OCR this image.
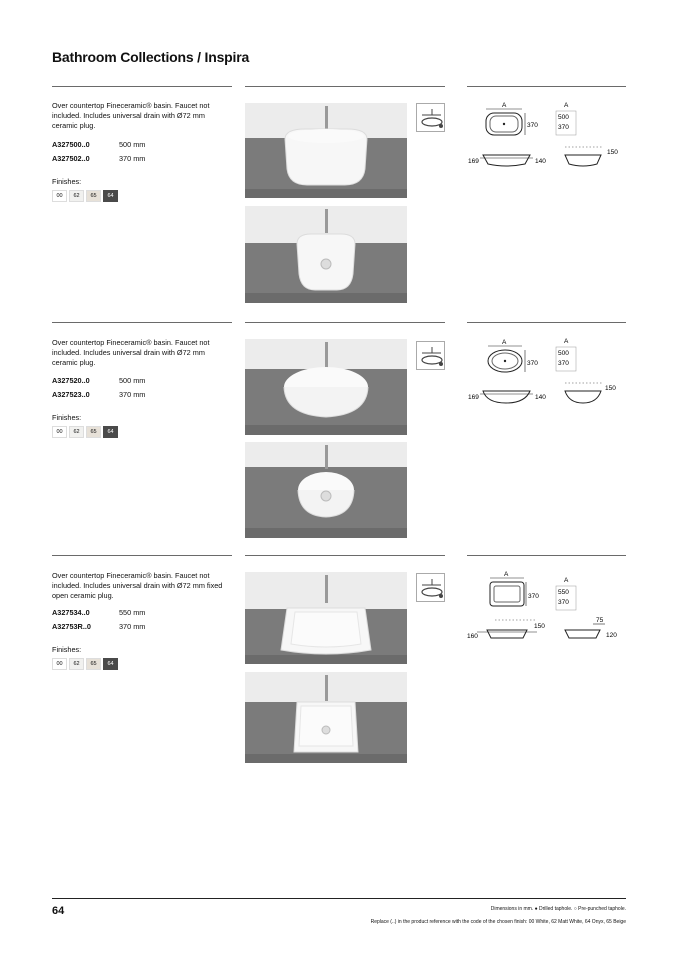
Bathroom Collections / Inspira
Over countertop Fineceramic® basin. Faucet not included. Includes universal drain with Ø72 mm ceramic plug.
A327500..0	500 mm
A327502..0	370 mm
Finishes:
00	62	65	64
A
370
A
500
370
169	140
150
Over countertop Fineceramic® basin. Faucet not included. Includes universal drain with Ø72 mm ceramic plug.
A327520..0	500 mm
A327523..0	370 mm
Finishes:
00	62	65	64
A
370
A
500
370
169	140
150
Over countertop Fineceramic® basin. Faucet not included. Includes universal drain with Ø72 mm fixed open ceramic plug.
A327534..0	550 mm
A32753R..0	370 mm
Finishes:
00	62	65	64
A
370
A
550
370
150
160
75
120
64	Dimensions in mm. ● Drilled taphole. ○ Pre-punched taphole.
Replace (..) in the product reference with the code of the chosen finish: 00 White, 62 Matt White, 64 Onyx, 65 Beige
